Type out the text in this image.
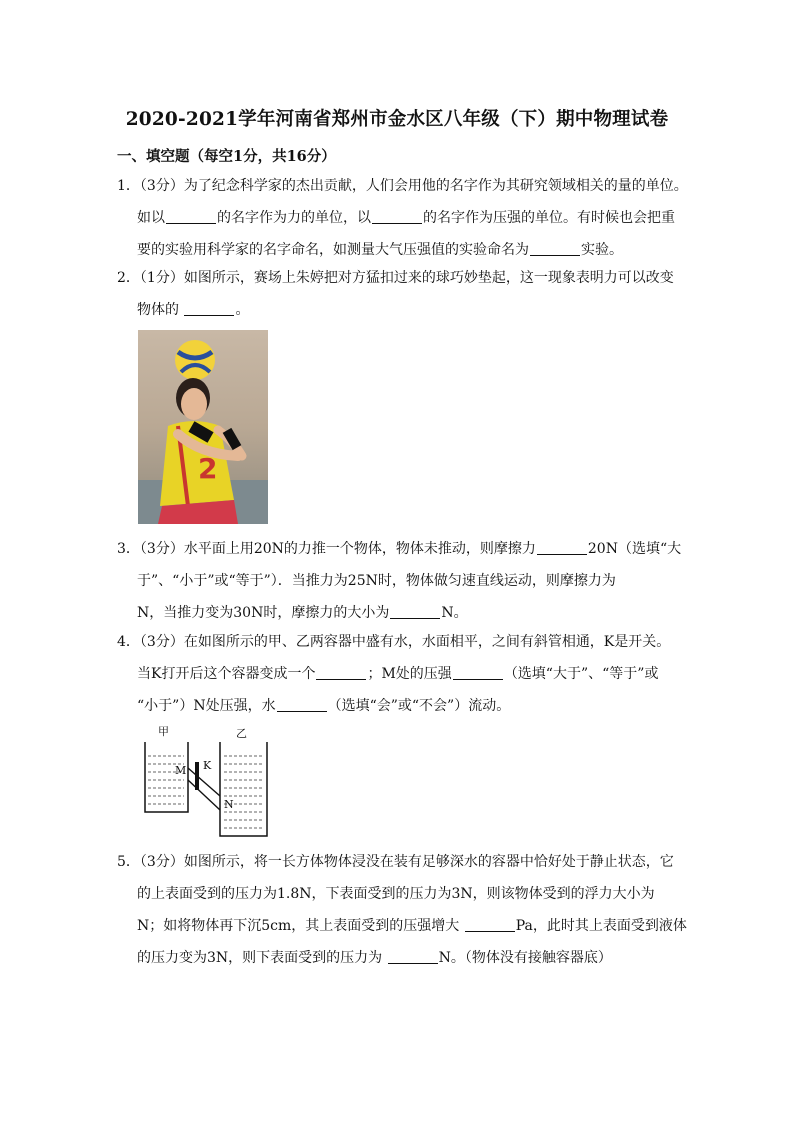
2020-2021学年河南省郑州市金水区八年级（下）期中物理试卷
一、填空题（每空1分，共16分）
1．（3分）为了纪念科学家的杰出贡献，人们会用他的名字作为其研究领域相关的量的单位。
如以	的名字作为力的单位，以	的名字作为压强的单位。有时候也会把重
要的实验用科学家的名字命名，如测量大气压强值的实验命名为	实验。
2．（1分）如图所示，赛场上朱婷把对方猛扣过来的球巧妙垫起，这一现象表明力可以改变
物体的	。
2
3．（3分）水平面上用20N的力推一个物体，物体未推动，则摩擦力	20N（选填“大
于”、“小于”或“等于”）．当推力为25N时，物体做匀速直线运动，则摩擦力为
N，当推力变为30N时，摩擦力的大小为	N。
4．（3分）在如图所示的甲、乙两容器中盛有水，水面相平，之间有斜管相通，K是开关。
当K打开后这个容器变成一个	；M处的压强	（选填“大于”、“等于”或
“小于”）N处压强，水	（选填“会”或“不会”）流动。
甲	乙
M K
N
5．（3分）如图所示，将一长方体物体浸没在装有足够深水的容器中恰好处于静止状态，它
的上表面受到的压力为1.8N，下表面受到的压力为3N，则该物体受到的浮力大小为
N；如将物体再下沉5cm，其上表面受到的压强增大	Pa，此时其上表面受到液体
的压力变为3N，则下表面受到的压力为	N。（物体没有接触容器底）
